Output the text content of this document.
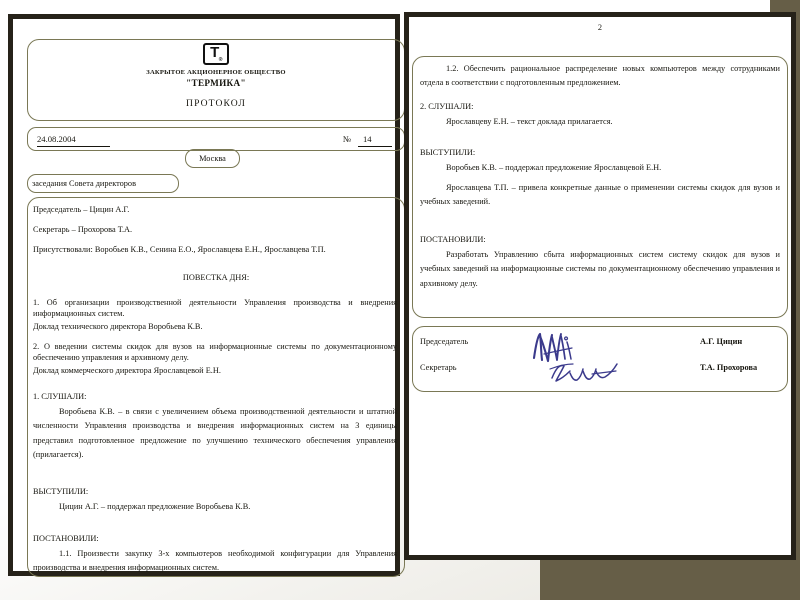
$T_®$
ЗАКРЫТОЕ АКЦИОНЕРНОЕ ОБЩЕСТВО
"ТЕРМИКА"
ПРОТОКОЛ
24.08.2004	№	14
Москва
заседания Совета директоров
Председатель – Цицин А.Г.
Секретарь – Прохорова Т.А.
Присутствовали: Воробьев К.В., Сенина Е.О., Ярославцева Е.Н., Ярославцева Т.П.
ПОВЕСТКА ДНЯ:
1. Об организации производственной деятельности Управления производства и внедрения информационных систем.
Доклад технического директора Воробьева К.В.
2. О введении системы скидок для вузов на информационные системы по документационному обеспечению управления и архивному делу.
Доклад коммерческого директора Ярославцевой Е.Н.
1. СЛУШАЛИ:
Воробьева К.В. – в связи с увеличением объема производственной деятельности и штатной численности Управления производства и внедрения информационных систем на 3 единицы представил подготовленное предложение по улучшению технического обеспечения управления (прилагается).
ВЫСТУПИЛИ:
Цицин А.Г. – поддержал предложение Воробьева К.В.
ПОСТАНОВИЛИ:
1.1. Произвести закупку 3-х компьютеров необходимой конфигурации для Управления производства и внедрения информационных систем.
2
1.2. Обеспечить рациональное распределение новых компьютеров между сотрудниками отдела в соответствии с подготовленным предложением.
2. СЛУШАЛИ:
Ярославцеву Е.Н. – текст доклада прилагается.
ВЫСТУПИЛИ:
Воробьев К.В. – поддержал предложение Ярославцевой Е.Н.
Ярославцева Т.П. – привела конкретные данные о применении системы скидок для вузов и учебных заведений.
ПОСТАНОВИЛИ:
Разработать Управлению сбыта информационных систем систему скидок для вузов и учебных заведений на информационные системы по документационному обеспечению управления и архивному делу.
Председатель	А.Г. Цицин
Секретарь	Т.А. Прохорова
